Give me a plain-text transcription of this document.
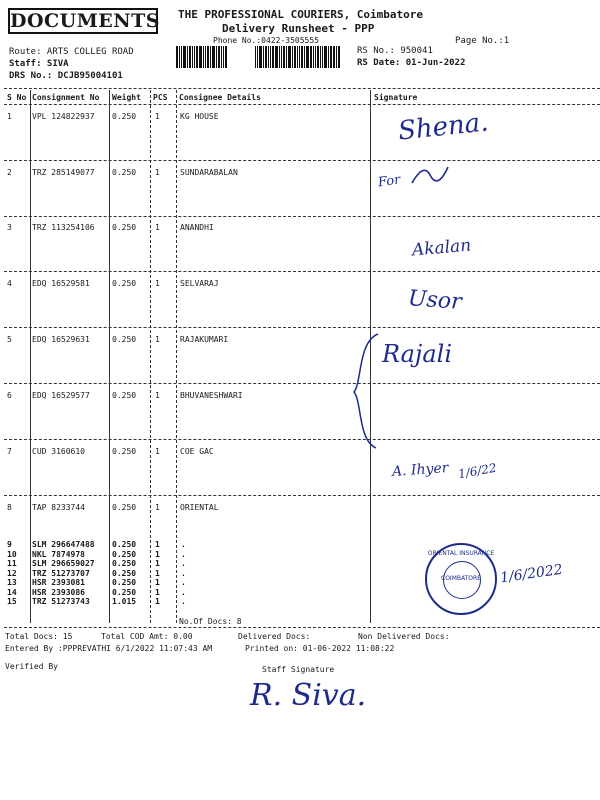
DOCUMENTS THE PROFESSIONAL COURIERS, Coimbatore
Delivery Runsheet - PPP
Phone No.:0422-3505555	Page No.:1
Route: ARTS COLLEG ROAD
Staff: SIVA
DRS No.: DCJB95004101
RS No.: 950041
RS Date: 01-Jun-2022
S No Consignment No Weight PCS Consignee Details	Signature
1	VPL 124822937 0.250 1	KG HOUSE
2	TRZ 285149077 0.250 1	SUNDARABALAN
3	TRZ 113254106 0.250 1	ANANDHI
4	EDQ 16529581	0.250 1	SELVARAJ
5	EDQ 16529631	0.250 1	RAJAKUMARI
6	EDQ 16529577	0.250 1	BHUVANESHWARI
7	CUD 3160610	0.250 1	COE GAC
8	TAP 8233744	0.250 1	ORIENTAL
9	SLM 296647488 0.250 1	.
10 NKL 7874978	0.250 1	.
11 SLM 296659027 0.250 1	.
12 TRZ 51273707	0.250 1	.
13 HSR 2393081	0.250 1	.
14 HSR 2393086	0.250 1	.
15 TRZ 51273743	1.015 1	.
No.Of Docs: 8
Shena.
For
Akalan
Usor
Rajali
A. Ihyer 1/6/22
ORIENTAL INSURANCE
COIMBATORE	1/6/2022
Total Docs: 15	Total COD Amt: 0.00	Delivered Docs:	Non Delivered Docs:
Entered By :PPPREVATHI 6/1/2022 11:07:43 AM	Printed on: 01-06-2022 11:08:22
Verified By	Staff Signature
R. Siva.
